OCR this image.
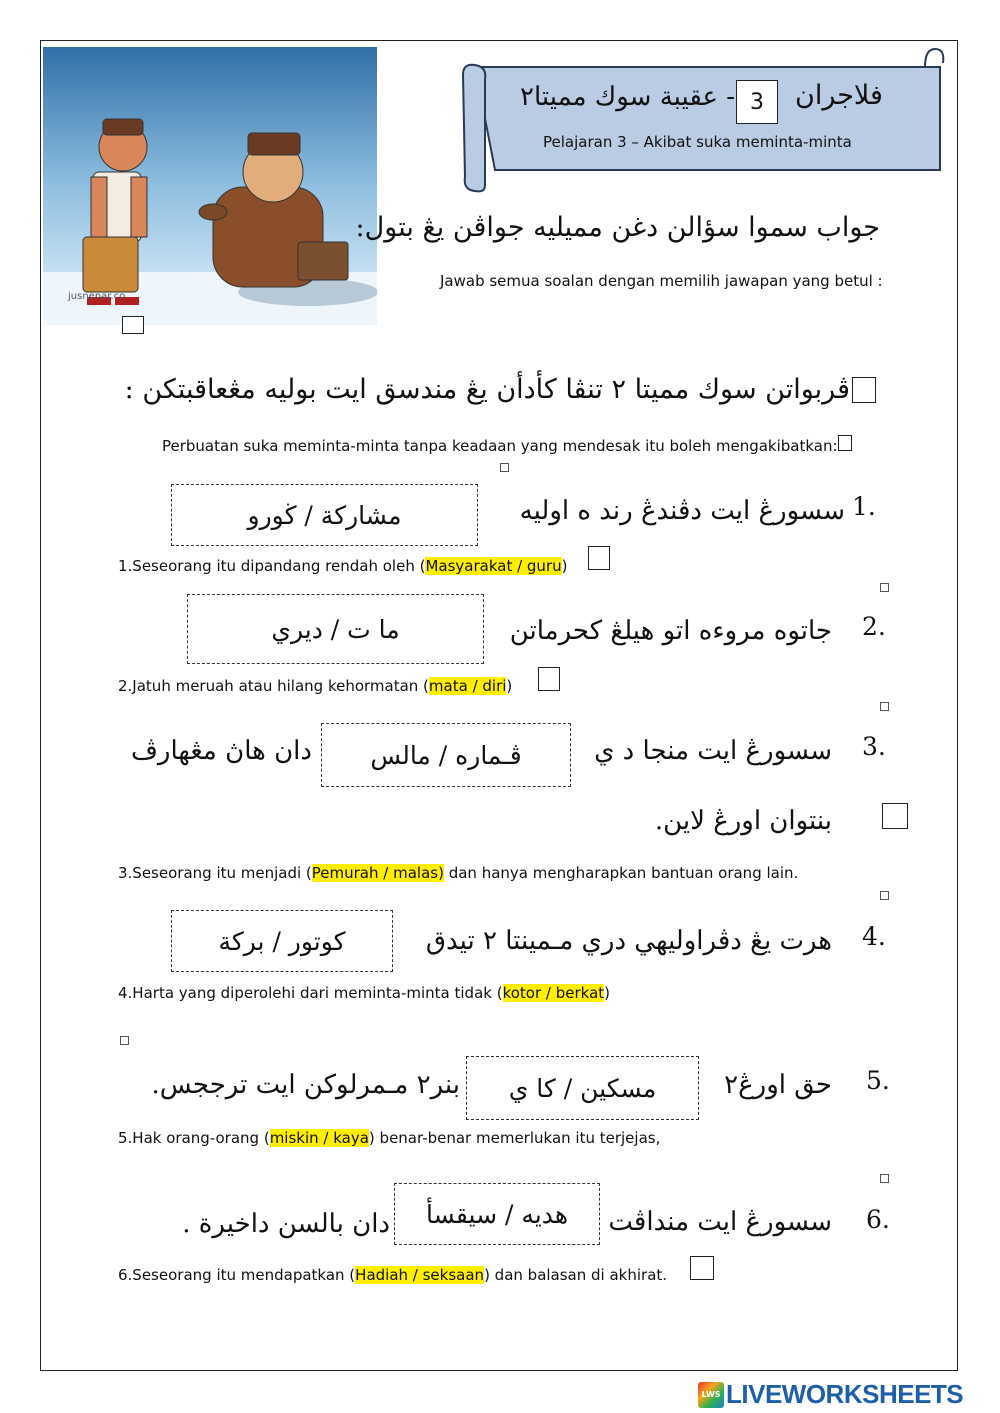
jusnenar.co
فلاجران
3
- عقيبة سوك مميتا٢
Pelajaran 3 – Akibat suka meminta-minta
جواب سموا سؤالن دغن مميليه جواڤن يڠ بتول:
Jawab semua soalan dengan memilih jawapan yang betul :
ڤربواتن سوك مميتا ٢ تنڤا كأدأن يڠ مندسق ايت بوليه مڠعاقبتكن :
Perbuatan suka meminta-minta tanpa keadaan yang mendesak itu boleh mengakibatkan:
1.
سسورڠ ايت دڤندڠ رند ه اوليه
مشاركة / ڬورو
1.Seseorang itu dipandang rendah oleh (Masyarakat / guru)
2.
جاتوه مروءه اتو هيلڠ كحرماتن
ما ت / ديري
2.Jatuh meruah atau hilang kehormatan (mata / diri)
3.
سسورڠ ايت منجا د ي
ڤـماره / مالس
دان هاڽ مڠهارڤ
بنتوان اورڠ لاين.
3.Seseorang itu menjadi (Pemurah / malas) dan hanya mengharapkan bantuan orang lain.
4.
هرت يڠ دڤراوليهي دري مـمينتا ٢ تيدق
كوتور / بركة
4.Harta yang diperolehi dari meminta-minta tidak (kotor / berkat)
5.
حق اورڠ٢
مسكين / كا ي
بنر٢ مـمرلوكن ايت ترججس.
5.Hak orang-orang (miskin / kaya) benar-benar memerlukan itu terjejas,
6.
سسورڠ ايت منداڤت
هديه / سيقسأ
دان بالسن داخيرة .
6.Seseorang itu mendapatkan (Hadiah / seksaan) dan balasan di akhirat.
LWS LIVEWORKSHEETS
